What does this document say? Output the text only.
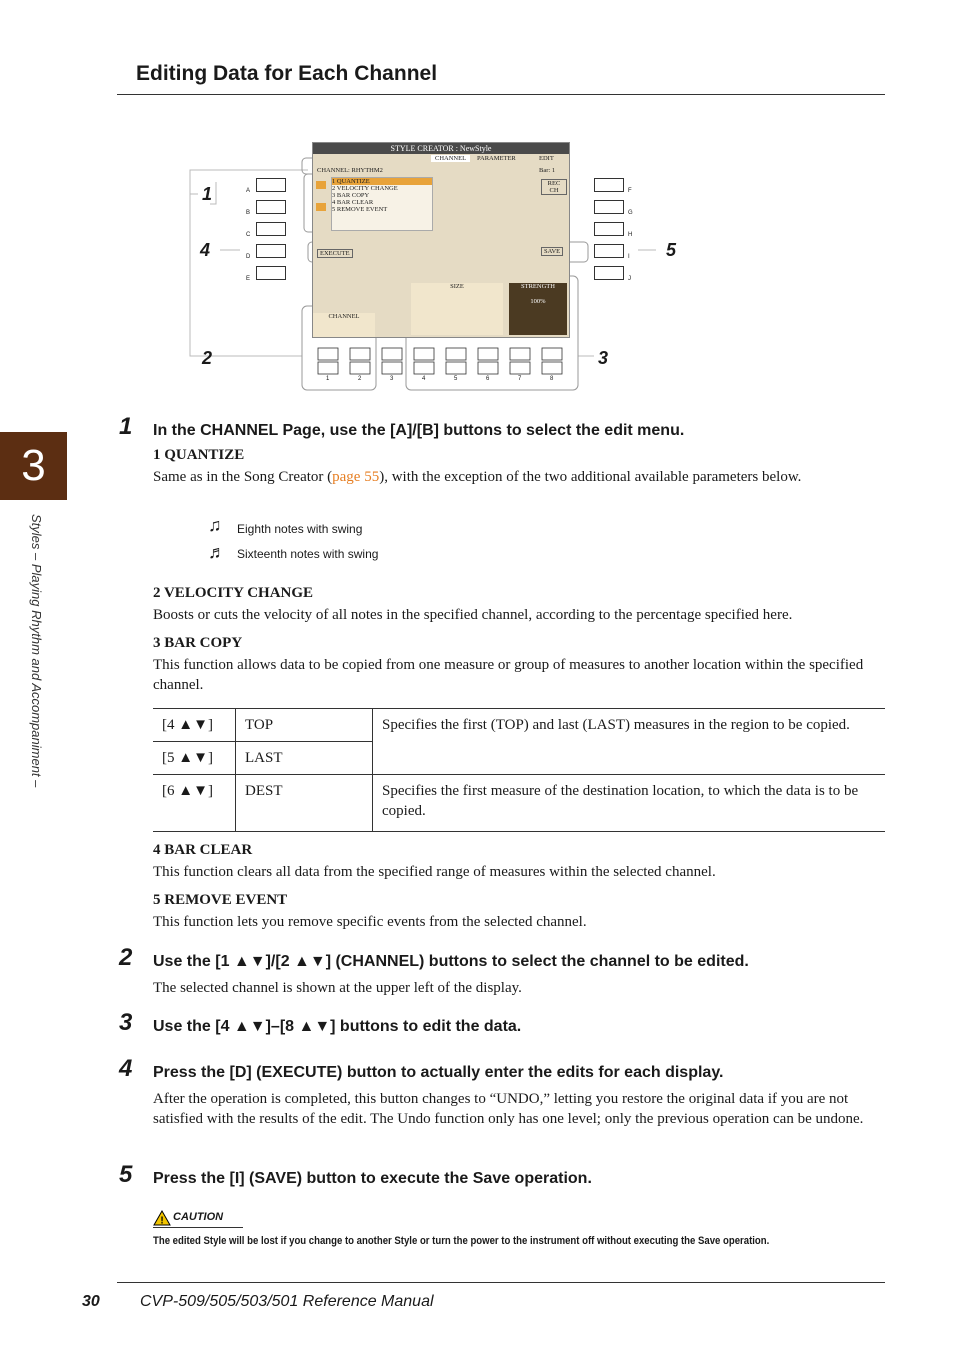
Editing Data for Each Channel
3
Styles – Playing Rhythm and Accompaniment –
A
B
C
D
E
F
G
H
I
J
1
4
2
5
3
1	2	3	4	5	6	7	8
STYLE CREATOR : NewStyle
CHANNEL	PARAMETER	EDIT
CHANNEL: RHYTHM2	Bar: 1
1 QUANTIZE
2 VELOCITY CHANGE
3 BAR COPY
4 BAR CLEAR
5 REMOVE EVENT
EXECUTE
REC CH
SAVE
SIZE	STRENGTH
100%
CHANNEL
1 In the CHANNEL Page, use the [A]/[B] buttons to select the edit menu.
1 QUANTIZE
Same as in the Song Creator (page 55), with the exception of the two additional available parameters below.
♫ Eighth notes with swing
♬ Sixteenth notes with swing
2 VELOCITY CHANGE
Boosts or cuts the velocity of all notes in the specified channel, according to the percentage specified here.
3 BAR COPY
This function allows data to be copied from one measure or group of measures to another location within the specified channel.
[4 ▲▼]	TOP	Specifies the first (TOP) and last (LAST) measures in the region to be copied.
[5 ▲▼]	LAST	
[6 ▲▼]	DEST	Specifies the first measure of the destination location, to which the data is to be copied.
4 BAR CLEAR
This function clears all data from the specified range of measures within the selected channel.
5 REMOVE EVENT
This function lets you remove specific events from the selected channel.
2 Use the [1 ▲▼]/[2 ▲▼] (CHANNEL) buttons to select the channel to be edited.
The selected channel is shown at the upper left of the display.
3 Use the [4 ▲▼]–[8 ▲▼] buttons to edit the data.
4 Press the [D] (EXECUTE) button to actually enter the edits for each display.
After the operation is completed, this button changes to “UNDO,” letting you restore the original data if you are not satisfied with the results of the edit. The Undo function only has one level; only the previous operation can be undone.
5 Press the [I] (SAVE) button to execute the Save operation.
! CAUTION
The edited Style will be lost if you change to another Style or turn the power to the instrument off without executing the Save operation.
30	CVP-509/505/503/501 Reference Manual
